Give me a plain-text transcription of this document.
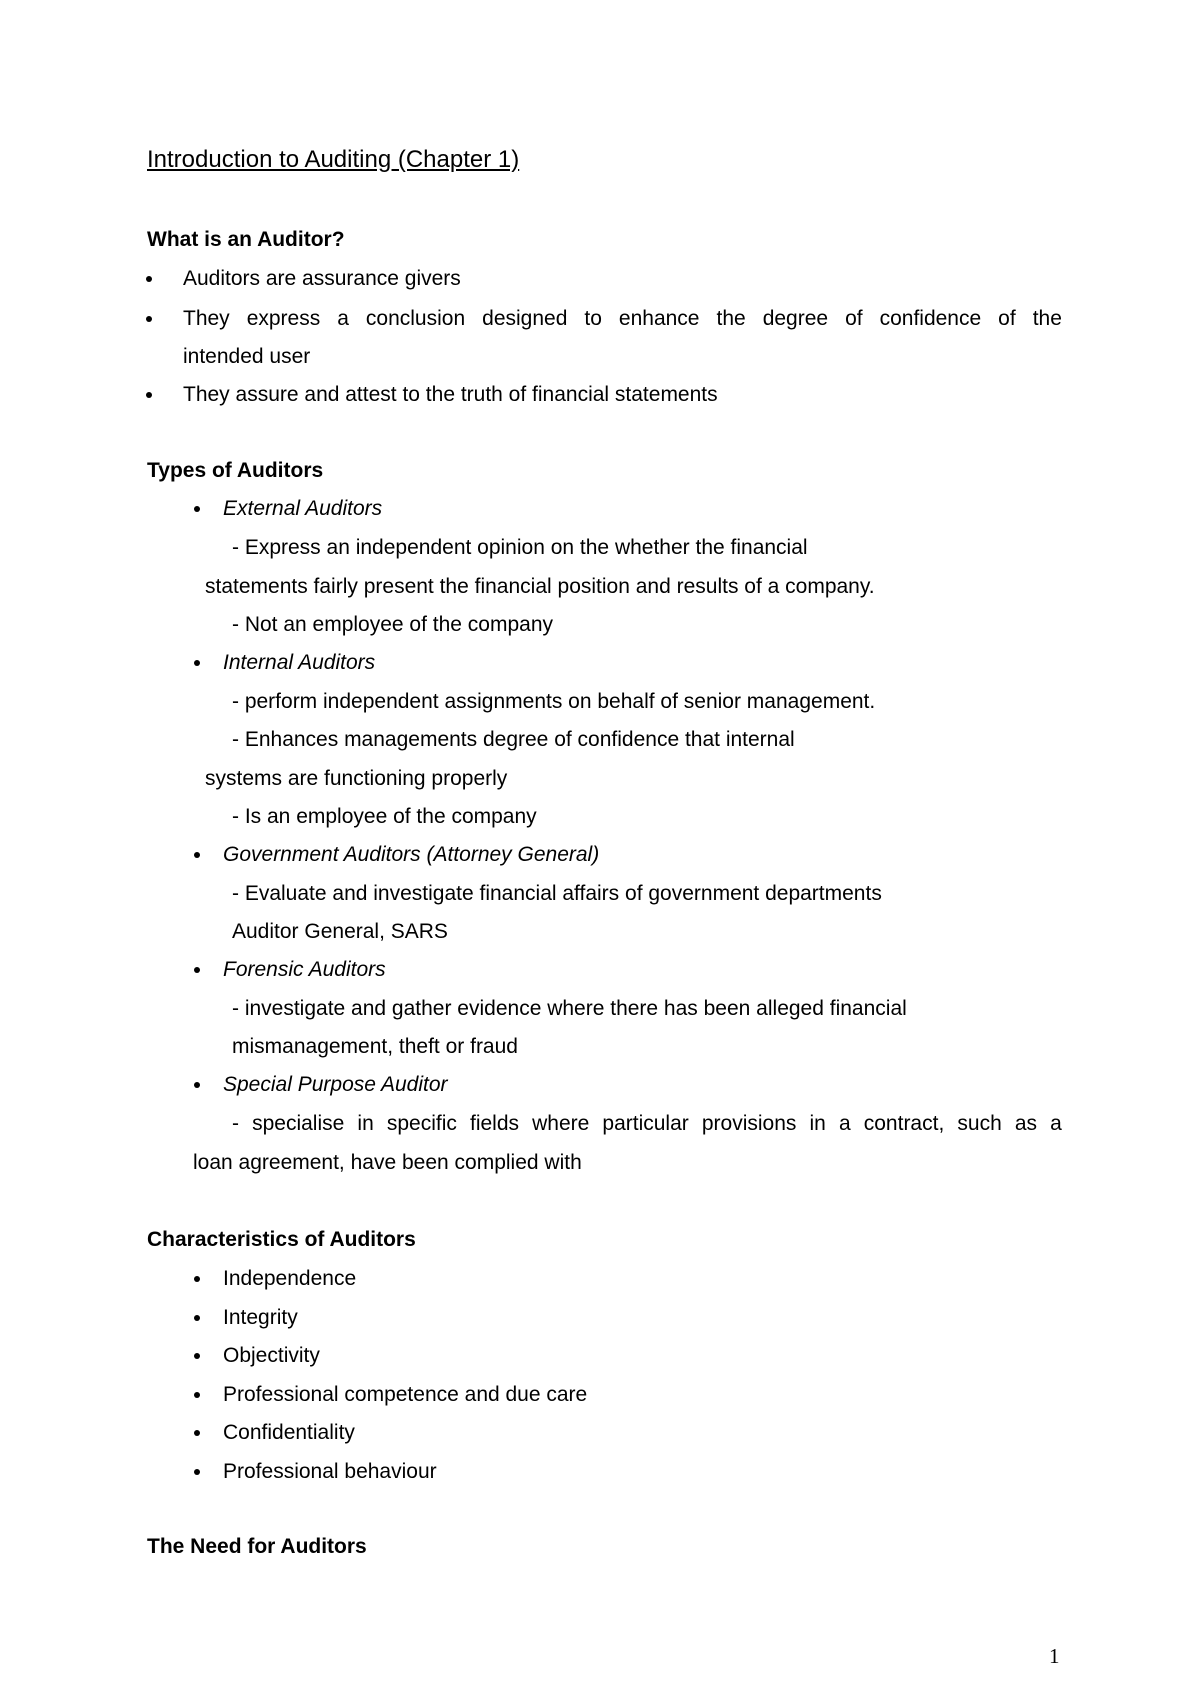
Introduction to Auditing (Chapter 1)
What is an Auditor?
Auditors are assurance givers
They express a conclusion designed to enhance the degree of confidence of the
intended user
They assure and attest to the truth of financial statements
Types of Auditors
External Auditors
- Express an independent opinion on the whether the financial
statements fairly present the financial position and results of a company.
- Not an employee of the company
Internal Auditors
- perform independent assignments on behalf of senior management.
- Enhances managements degree of confidence that internal
systems are functioning properly
- Is an employee of the company
Government Auditors (Attorney General)
- Evaluate and investigate financial affairs of government departments
Auditor General, SARS
Forensic Auditors
- investigate and gather evidence where there has been alleged financial
mismanagement, theft or fraud
Special Purpose Auditor
- specialise in specific fields where particular provisions in a contract, such as a
loan agreement, have been complied with
Characteristics of Auditors
Independence
Integrity
Objectivity
Professional competence and due care
Confidentiality
Professional behaviour
The Need for Auditors
1
